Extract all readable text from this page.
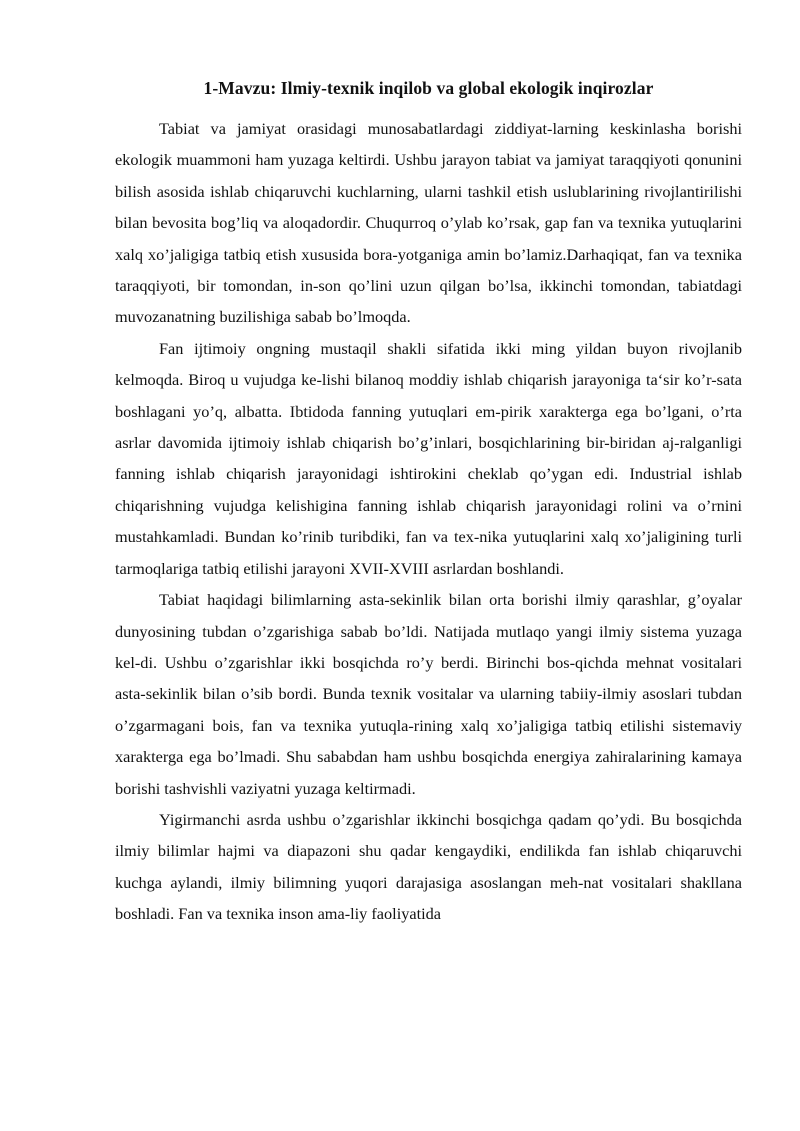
1-Mavzu: Ilmiy-texnik inqilob va global ekologik inqirozlar

Tabiat va jamiyat orasidagi munosabatlardagi ziddiyat-larning keskinlasha borishi ekologik muammoni ham yuzaga keltirdi. Ushbu jarayon tabiat va jamiyat taraqqiyoti qonunini bilish asosida ishlab chiqaruvchi kuchlarning, ularni tashkil etish uslublarining rivojlantirilishi bilan bevosita bog’liq va aloqadordir. Chuqurroq o’ylab ko’rsak, gap fan va texnika yutuqlarini xalq xo’jaligiga tatbiq etish xususida bora-yotganiga amin bo’lamiz.Darhaqiqat, fan va texnika taraqqiyoti, bir tomondan, in-son qo’lini uzun qilgan bo’lsa, ikkinchi tomondan, tabiatdagi muvozanatning buzilishiga sabab bo’lmoqda.

Fan ijtimoiy ongning mustaqil shakli sifatida ikki ming yildan buyon rivojlanib kelmoqda. Biroq u vujudga ke-lishi bilanoq moddiy ishlab chiqarish jarayoniga ta‘sir ko’r-sata boshlagani yo’q, albatta. Ibtidoda fanning yutuqlari em-pirik xarakterga ega bo’lgani, o’rta asrlar davomida ijtimoiy ishlab chiqarish bo’g’inlari, bosqichlarining bir-biridan aj-ralganligi fanning ishlab chiqarish jarayonidagi ishtirokini cheklab qo’ygan edi. Industrial ishlab chiqarishning vujudga kelishigina fanning ishlab chiqarish jarayonidagi rolini va o’rnini mustahkamladi. Bundan ko’rinib turibdiki, fan va tex-nika yutuqlarini xalq xo’jaligining turli tarmoqlariga tatbiq etilishi jarayoni XVII-XVIII asrlardan boshlandi.

Tabiat haqidagi bilimlarning asta-sekinlik bilan orta borishi ilmiy qarashlar, g’oyalar dunyosining tubdan o’zgarishiga sabab bo’ldi. Natijada mutlaqo yangi ilmiy sistema yuzaga kel-di. Ushbu o’zgarishlar ikki bosqichda ro’y berdi. Birinchi bos-qichda mehnat vositalari asta-sekinlik bilan o’sib bordi. Bunda texnik vositalar va ularning tabiiy-ilmiy asoslari tubdan o’zgarmagani bois, fan va texnika yutuqla-rining xalq xo’jaligiga tatbiq etilishi sistemaviy xarakterga ega bo’lmadi. Shu sababdan ham ushbu bosqichda energiya zahiralarining kamaya borishi tashvishli vaziyatni yuzaga keltirmadi.

Yigirmanchi asrda ushbu o’zgarishlar ikkinchi bosqichga qadam qo’ydi. Bu bosqichda ilmiy bilimlar hajmi va diapazoni shu qadar kengaydiki, endilikda fan ishlab chiqaruvchi kuchga aylandi, ilmiy bilimning yuqori darajasiga asoslangan meh-nat vositalari shakllana boshladi. Fan va texnika inson ama-liy faoliyatida
